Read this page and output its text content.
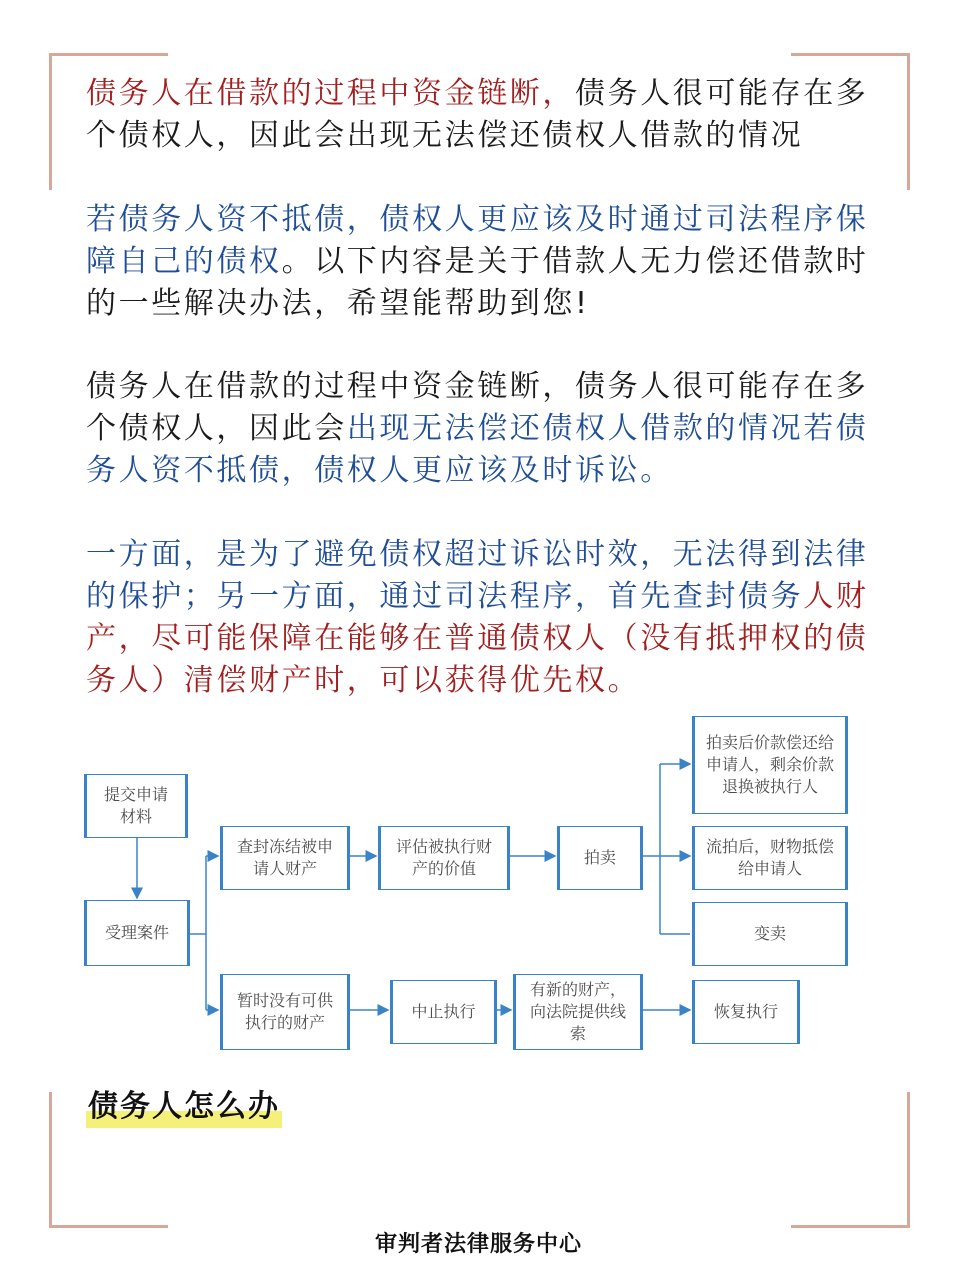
债务人在借款的过程中资金链断，债务人很可能存在多个债权人，因此会出现无法偿还债权人借款的情况

若债务人资不抵债，债权人更应该及时通过司法程序保障自己的债权。以下内容是关于借款人无力偿还借款时的一些解决办法，希望能帮助到您!

债务人在借款的过程中资金链断，债务人很可能存在多个债权人，因此会出现无法偿还债权人借款的情况若债务人资不抵债，债权人更应该及时诉讼。

一方面，是为了避免债权超过诉讼时效，无法得到法律的保护；另一方面，通过司法程序，首先查封债务人财产，尽可能保障在能够在普通债权人（没有抵押权的债务人）清偿财产时，可以获得优先权。

提交申请材料
受理案件
查封冻结被申请人财产
评估被执行财产的价值
拍卖
拍卖后价款偿还给申请人，剩余价款退换被执行人
流拍后，财物抵偿给申请人
变卖
暂时没有可供执行的财产
中止执行
有新的财产，向法院提供线索
恢复执行
债务人怎么办
审判者法律服务中心
